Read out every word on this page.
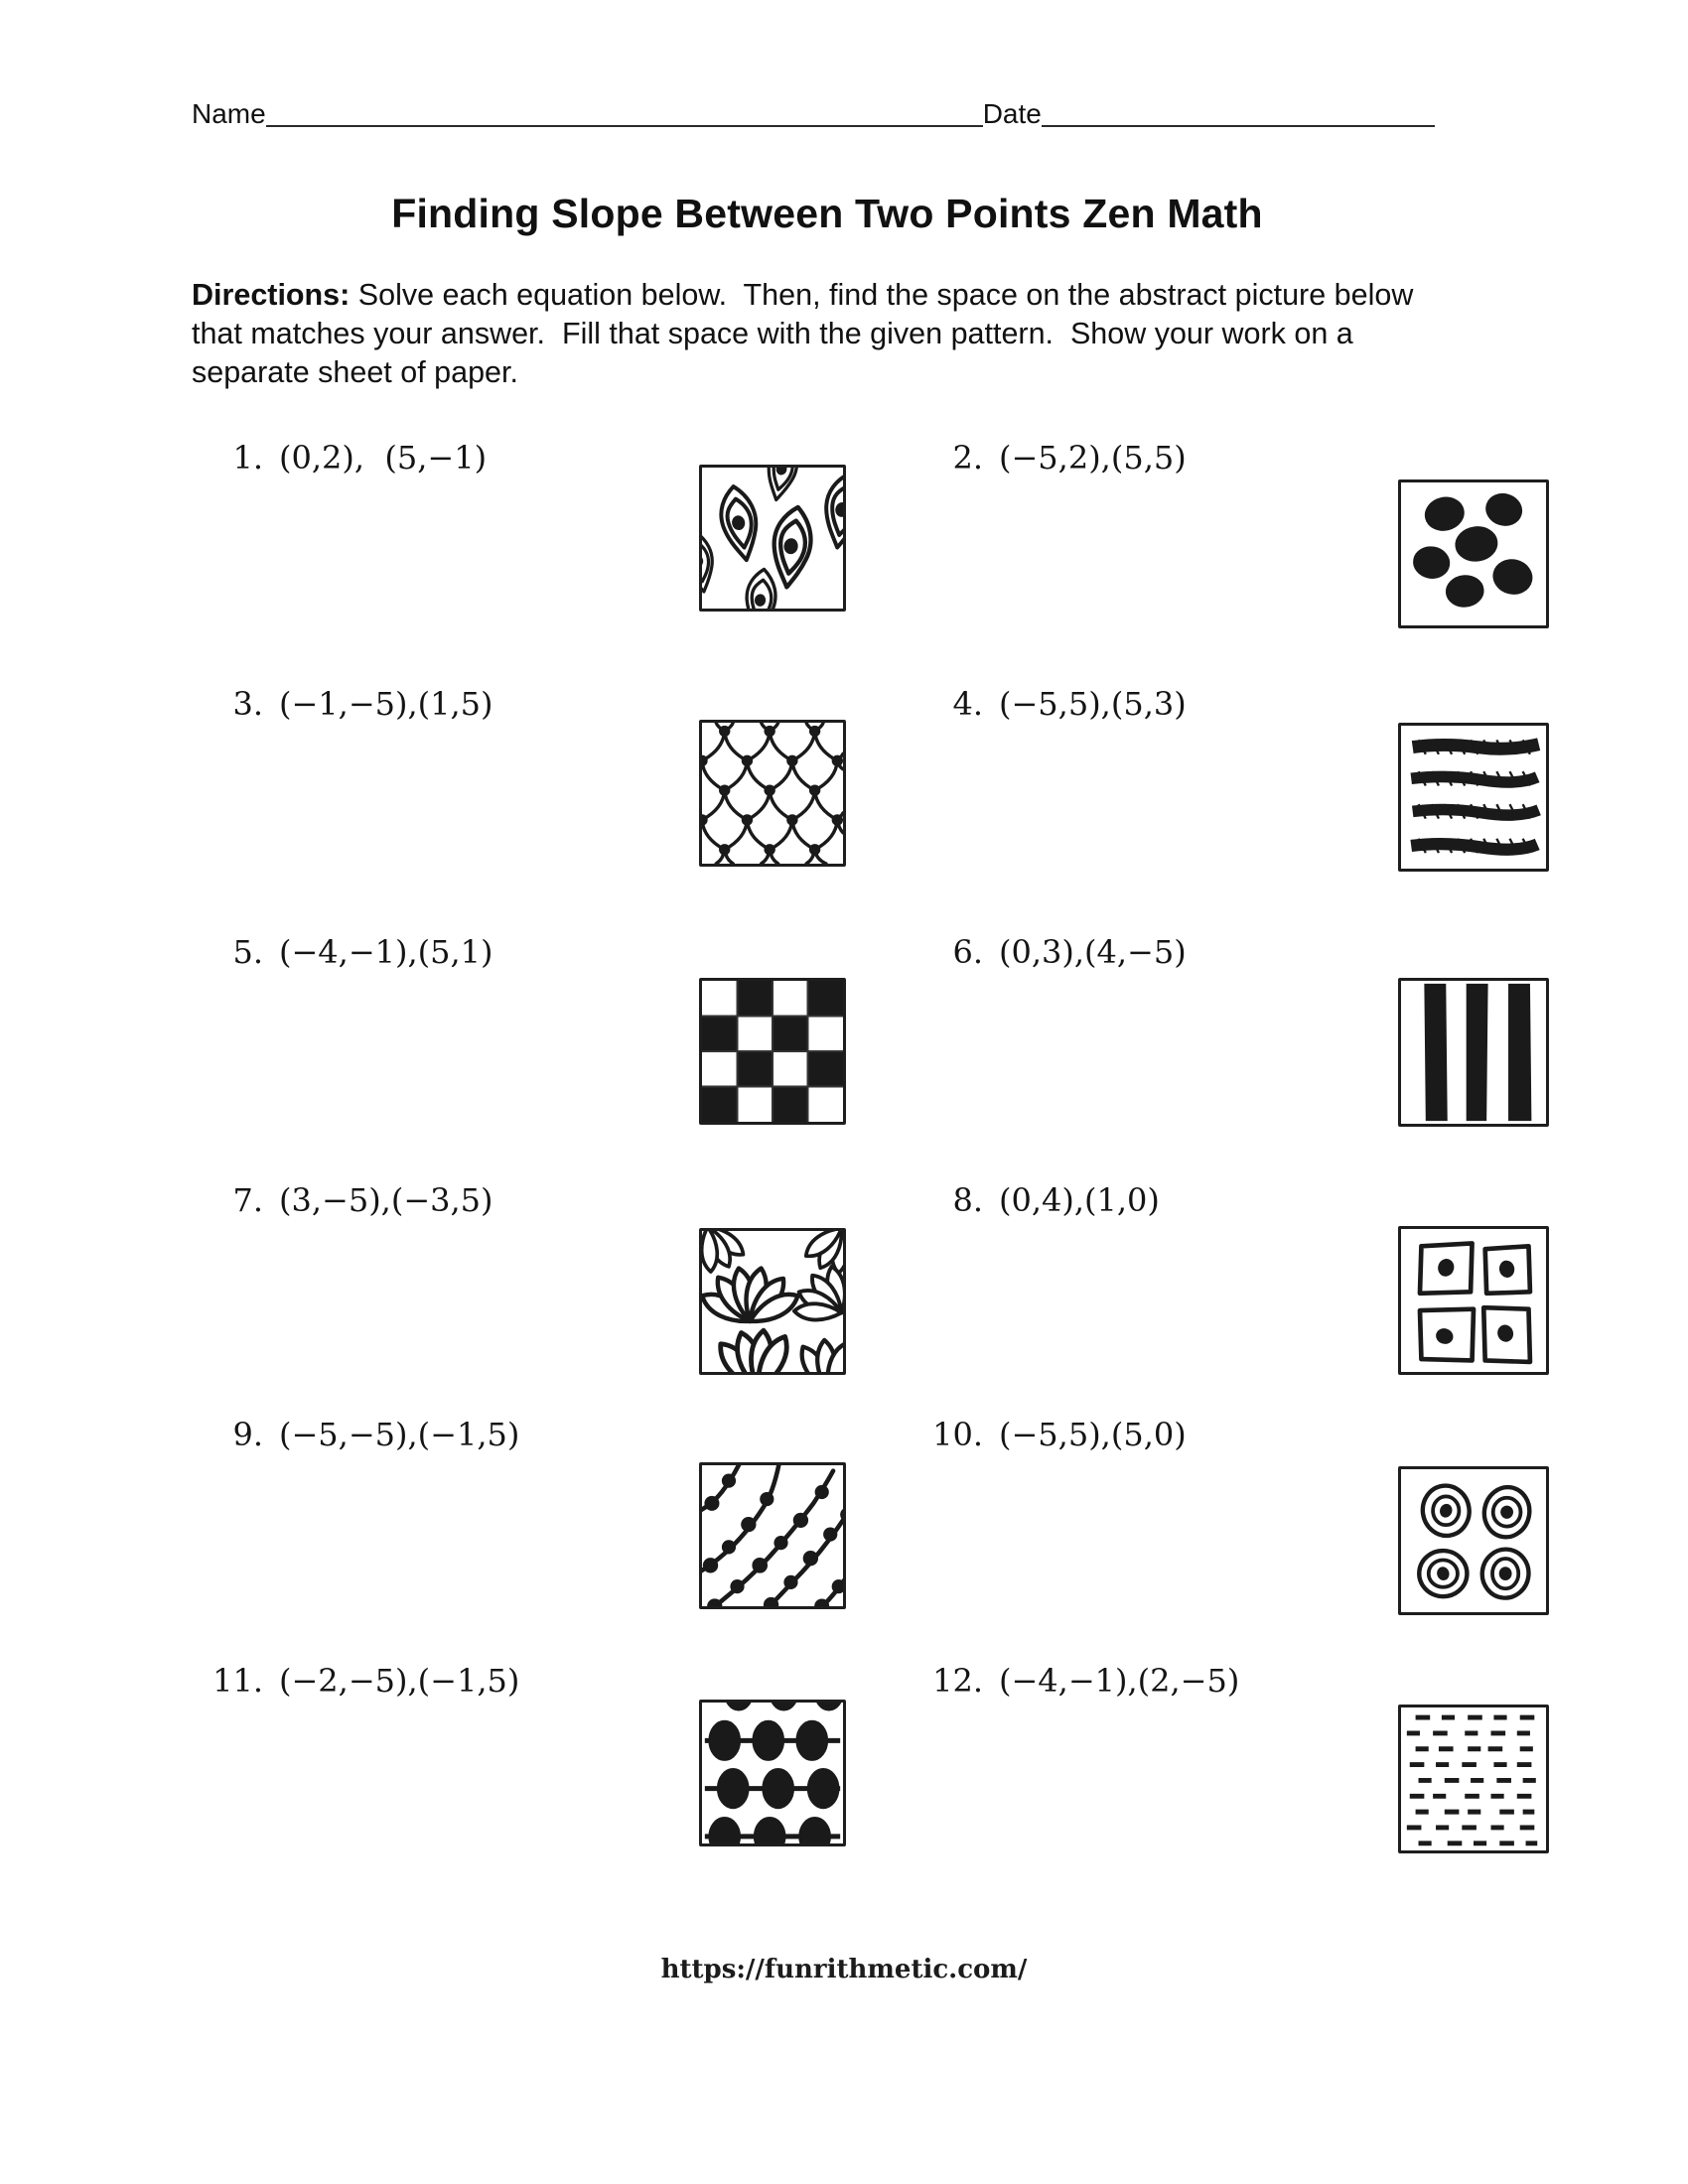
Name	Date
Finding Slope Between Two Points Zen Math
Directions: Solve each equation below.  Then, find the space on the abstract picture below that matches your answer.  Fill that space with the given pattern.  Show your work on a separate sheet of paper.
1. (0,2),  (5,−1)
3. (−1,−5),(1,5)
5. (−4,−1),(5,1)
7. (3,−5),(−3,5)
9. (−5,−5),(−1,5)
11. (−2,−5),(−1,5)
2. (−5,2),(5,5)
4. (−5,5),(5,3)
6. (0,3),(4,−5)
8. (0,4),(1,0)
10. (−5,5),(5,0)
12. (−4,−1),(2,−5)
https://funrithmetic.com/
